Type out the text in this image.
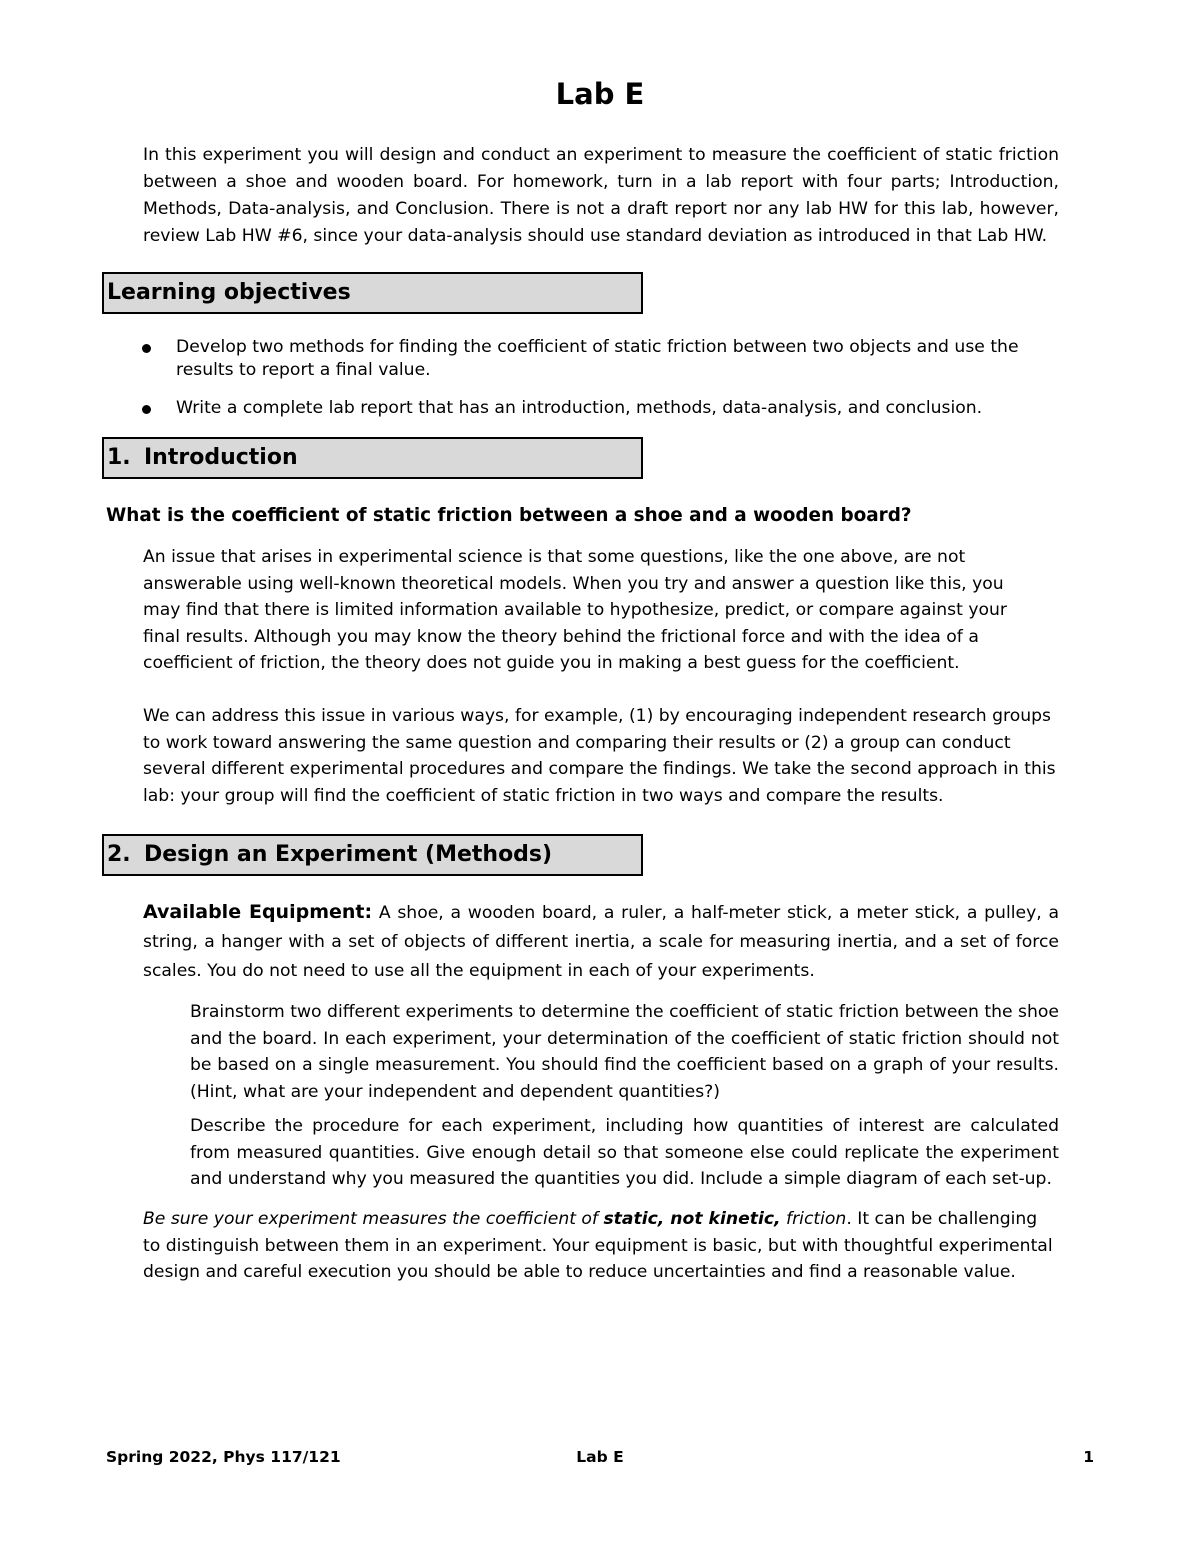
Lab E

In this experiment you will design and conduct an experiment to measure the coefficient of static friction between a shoe and wooden board. For homework, turn in a lab report with four parts; Introduction, Methods, Data-analysis, and Conclusion. There is not a draft report nor any lab HW for this lab, however, review Lab HW #6, since your data-analysis should use standard deviation as introduced in that Lab HW.

Learning objectives
Develop two methods for finding the coefficient of static friction between two objects and use the results to report a final value.
Write a complete lab report that has an introduction, methods, data-analysis, and conclusion.
1. Introduction
What is the coefficient of static friction between a shoe and a wooden board?

An issue that arises in experimental science is that some questions, like the one above, are not answerable using well-known theoretical models. When you try and answer a question like this, you may find that there is limited information available to hypothesize, predict, or compare against your final results. Although you may know the theory behind the frictional force and with the idea of a coefficient of friction, the theory does not guide you in making a best guess for the coefficient.

We can address this issue in various ways, for example, (1) by encouraging independent research groups to work toward answering the same question and comparing their results or (2) a group can conduct several different experimental procedures and compare the findings. We take the second approach in this lab: your group will find the coefficient of static friction in two ways and compare the results.

2. Design an Experiment (Methods)

Available Equipment: A shoe, a wooden board, a ruler, a half-meter stick, a meter stick, a pulley, a string, a hanger with a set of objects of different inertia, a scale for measuring inertia, and a set of force scales. You do not need to use all the equipment in each of your experiments.

Brainstorm two different experiments to determine the coefficient of static friction between the shoe and the board. In each experiment, your determination of the coefficient of static friction should not be based on a single measurement. You should find the coefficient based on a graph of your results. (Hint, what are your independent and dependent quantities?)

Describe the procedure for each experiment, including how quantities of interest are calculated from measured quantities. Give enough detail so that someone else could replicate the experiment and understand why you measured the quantities you did. Include a simple diagram of each set-up.

Be sure your experiment measures the coefficient of static, not kinetic, friction. It can be challenging to distinguish between them in an experiment. Your equipment is basic, but with thoughtful experimental design and careful execution you should be able to reduce uncertainties and find a reasonable value.

Spring 2022, Phys 117/121	Lab E	1
